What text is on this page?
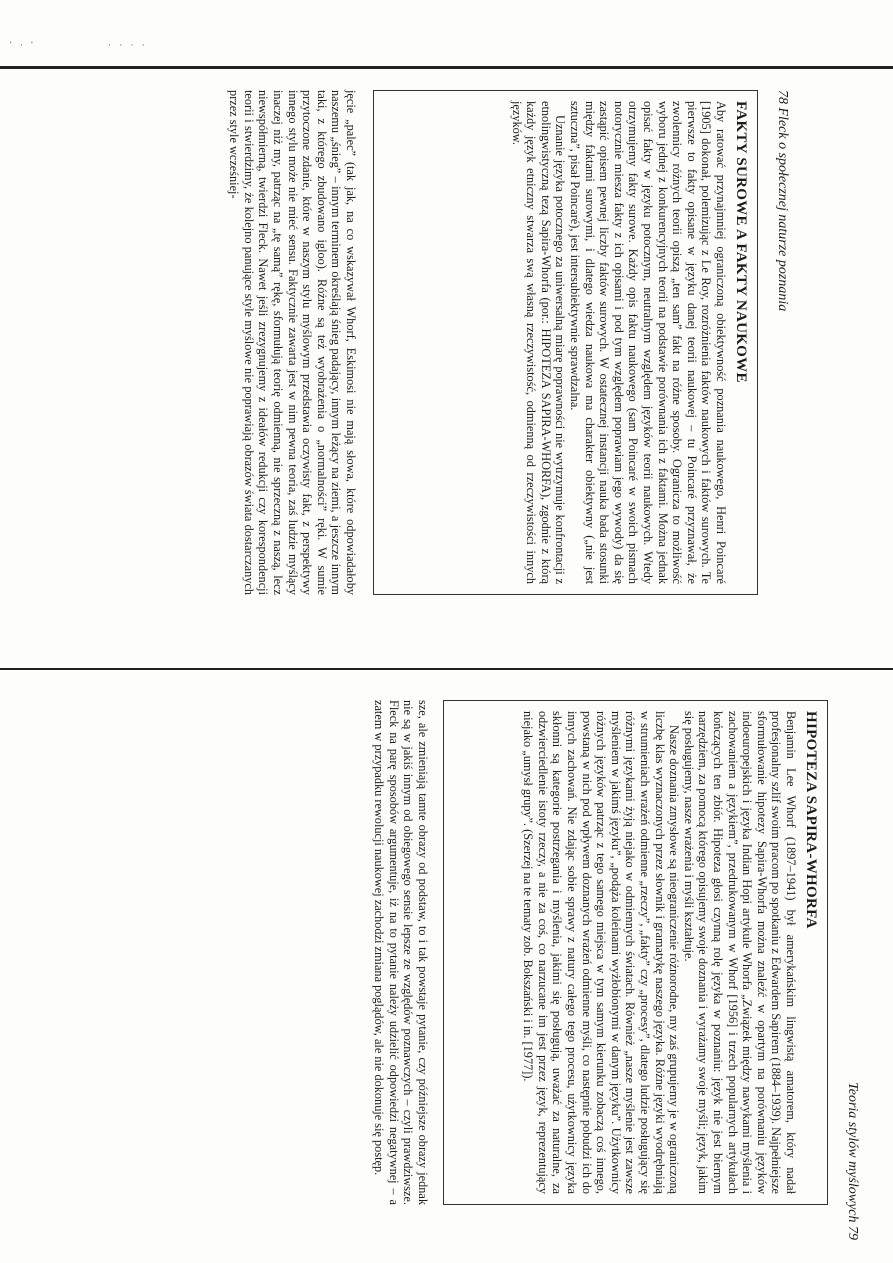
' · '	· · · ·
78 Fleck o społecznej naturze poznania
FAKTY SUROWE A FAKTY NAUKOWE

Aby ratować przynajmniej ograniczoną obiektywność poznania naukowego, Henri Poincaré [1905] dokonał, polemizując z Le Roy, rozróżnienia faktów naukowych i faktów surowych. Te pierwsze to fakty opisane w języku danej teorii naukowej – tu Poincaré przyznawał, że zwolennicy różnych teorii opiszą „ten sam” fakt na różne sposoby. Ogranicza to możliwość wyboru jednej z konkurencyjnych teorii na podstawie porównania ich z faktami. Można jednak opisać fakty w języku potocznym, neutralnym względem języków teorii naukowych. Wtedy otrzymujemy fakty surowe. Każdy opis faktu naukowego (sam Poincaré w swoich pismach notorycznie miesza fakty z ich opisami i pod tym względem poprawiam jego wywody) da się zastąpić opisem pewnej liczby faktów surowych. W ostatecznej instancji nauka bada stosunki między faktami surowymi, i dlatego wiedza naukowa ma charakter obiektywny („nie jest sztuczna”, pisał Poincaré), jest intersubiektywnie sprawdzalna.

Uznanie języka potocznego za uniwersalną miarę poprawności nie wytrzymuje konfrontacji z etnolingwistyczną tezą Sapira-Whorfa (por.: HIPOTEZA SAPIRA-WHORFA), zgodnie z którą każdy język etniczny stwarza swą własną rzeczywistość, odmienną od rzeczywistości innych języków.

jęcie „palec” (tak jak, na co wskazywał Whorf, Eskimosi nie mają słowa, które odpowiadałoby naszemu „śnieg” – innym terminem określają śnieg padający, innym leżący na ziemi, a jeszcze innym taki, z którego zbudowano igloo). Różne są też wyobrażenia o „normalności” ręki. W sumie przytoczone zdanie, które w naszym stylu myślowym przedstawia oczywisty fakt, z perspektywy innego stylu może nie mieć sensu. Faktycznie zawarta jest w nim pewna teoria, zaś ludzie myślący inaczej niż my, patrząc na „tę samą” rękę, sformułują teorię odmienną, nie sprzeczną z naszą, lecz niewspółmierną, twierdzi Fleck. Nawet jeśli zrezygnujemy z ideałów redukcji czy korespondencji teorii i stwierdzimy, że kolejno panujące style myślowe nie poprawiają obrazów świata dostarczanych przez style wcześniej-

Teoria stylów myślowych 79
HIPOTEZA SAPIRA-WHORFA

Benjamin Lee Whorf (1897–1941) był amerykańskim lingwistą amatorem, który nadał profesjonalny szlif swoim pracom po spotkaniu z Edwardem Sapirem (1884–1939). Najpełniejsze sformułowanie hipotezy Sapira-Whorfa można znaleźć w opartym na porównaniu języków indoeuropejskich i języka Indian Hopi artykule Whorfa „Związek między nawykami myślenia i zachowaniem a językiem”, przedrukowanym w Whorf [1956] i trzech popularnych artykułach kończących ten zbiór. Hipoteza głosi czynną rolę języka w poznaniu: język nie jest biernym narzędziem, za pomocą którego opisujemy swoje doznania i wyrażamy swoje myśli; język, jakim się posługujemy, nasze wrażenia i myśli kształtuje.

Nasze doznania zmysłowe są nieograniczenie różnorodne, my zaś grupujemy je w ograniczoną liczbę klas wyznaczonych przez słownik i gramatykę naszego języka. Różne języki wyodrębniają w strumieniach wrażeń odmienne „rzeczy”, „fakty” czy „procesy”, dlatego ludzie posługujący się różnymi językami żyją niejako w odmiennych światach. Również „nasze myślenie jest zawsze myśleniem w jakimś języku”, „podąża koleinami wyżłobionymi w danym języku”. Użytkownicy różnych języków patrząc z tego samego miejsca w tym samym kierunku zobaczą coś innego, powstaną w nich pod wpływem doznanych wrażeń odmienne myśli, co następnie pobudzi ich do innych zachowań. Nie zdając sobie sprawy z natury całego tego procesu, użytkownicy języka skłonni są kategorie postrzegania i myślenia, jakimi się posługują, uważać za naturalne, za odzwierciedlenie istoty rzeczy, a nie za coś, co narzucane im jest przez język, reprezentujący niejako „umysł grupy”. (Szerzej na te tematy zob. Bokszański i in. [1977]).

sze, ale zmieniają tamte obrazy od podstaw, to i tak powstaje pytanie, czy późniejsze obrazy jednak nie są w jakiś innym od obiegowego sensie lepsze ze względów poznawczych – czyli prawdziwsze. Fleck na parę sposobów argumentuje, iż na to pytanie należy udzielić odpowiedzi negatywnej – a zatem w przypadku rewolucji naukowej zachodzi zmiana poglądów, ale nie dokonuje się postęp.
